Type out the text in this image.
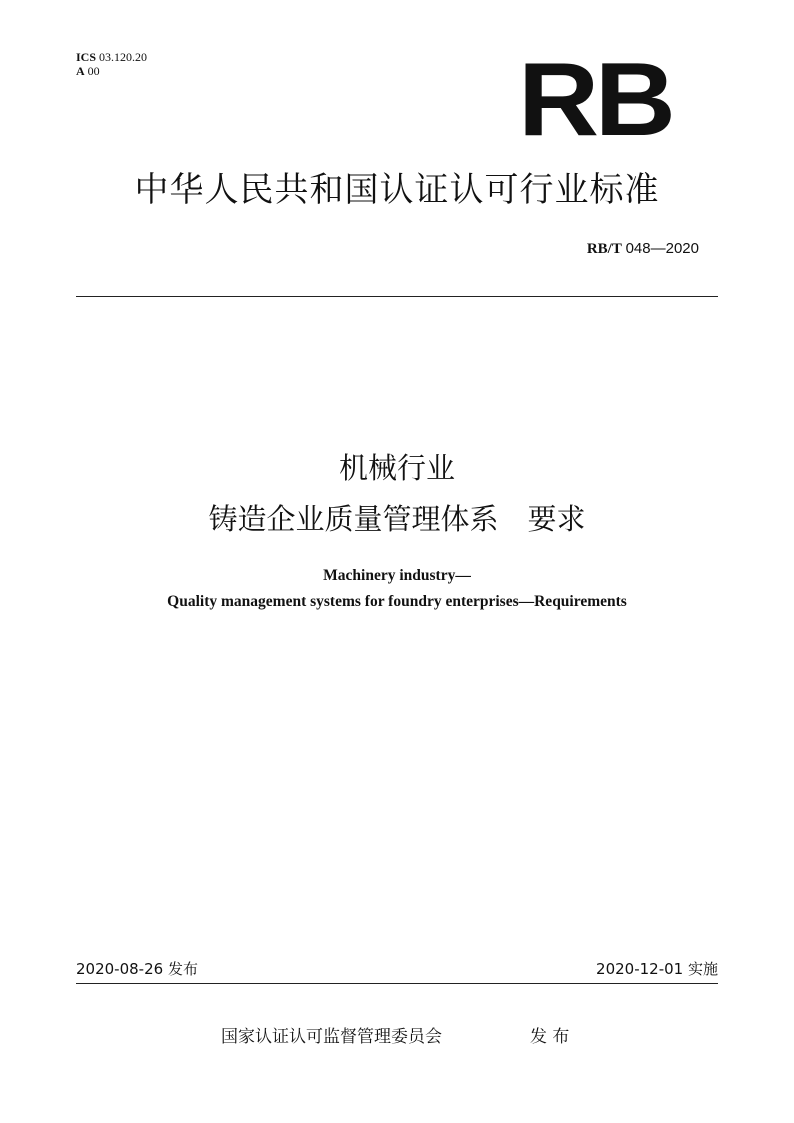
ICS 03.120.20
A 00	RB
中华人民共和国认证认可行业标准
RB/T 048—2020
机械行业
铸造企业质量管理体系　要求
Machinery industry—
Quality management systems for foundry enterprises—Requirements
2020-08-26 发布	2020-12-01 实施
国家认证认可监督管理委员会	发 布
